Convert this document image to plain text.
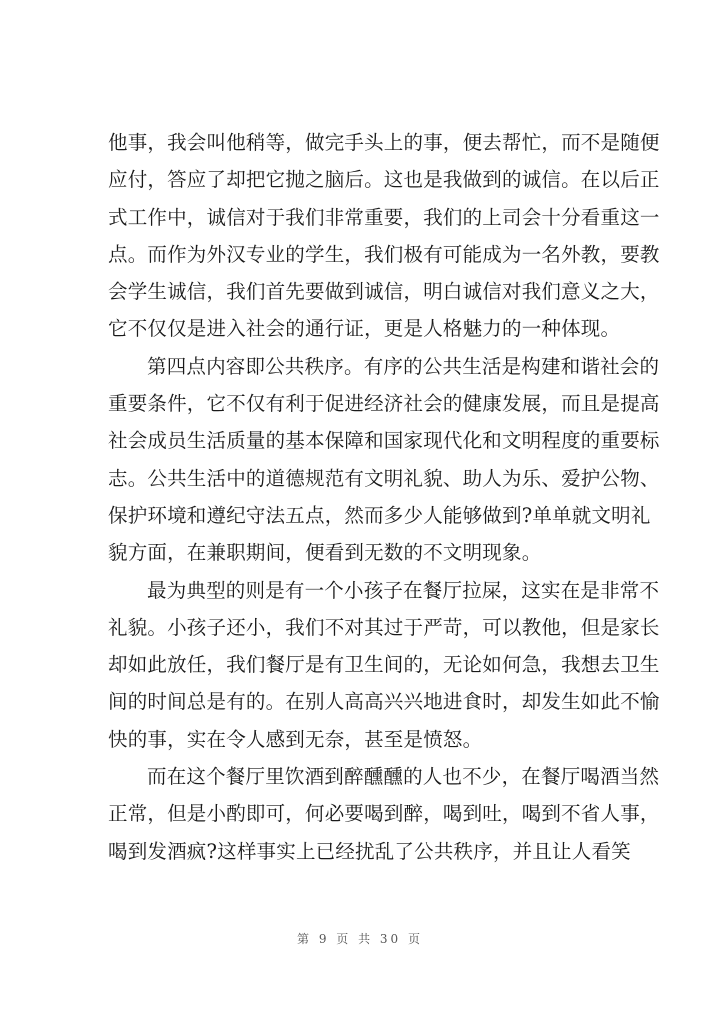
他事，我会叫他稍等，做完手头上的事，便去帮忙，而不是随便
应付，答应了却把它抛之脑后。这也是我做到的诚信。在以后正
式工作中，诚信对于我们非常重要，我们的上司会十分看重这一
点。而作为外汉专业的学生，我们极有可能成为一名外教，要教
会学生诚信，我们首先要做到诚信，明白诚信对我们意义之大，
它不仅仅是进入社会的通行证，更是人格魅力的一种体现。
第四点内容即公共秩序。有序的公共生活是构建和谐社会的
重要条件，它不仅有利于促进经济社会的健康发展，而且是提高
社会成员生活质量的基本保障和国家现代化和文明程度的重要标
志。公共生活中的道德规范有文明礼貌、助人为乐、爱护公物、
保护环境和遵纪守法五点，然而多少人能够做到?单单就文明礼
貌方面，在兼职期间，便看到无数的不文明现象。
最为典型的则是有一个小孩子在餐厅拉屎，这实在是非常不
礼貌。小孩子还小，我们不对其过于严苛，可以教他，但是家长
却如此放任，我们餐厅是有卫生间的，无论如何急，我想去卫生
间的时间总是有的。在别人高高兴兴地进食时，却发生如此不愉
快的事，实在令人感到无奈，甚至是愤怒。
而在这个餐厅里饮酒到醉醺醺的人也不少，在餐厅喝酒当然
正常，但是小酌即可，何必要喝到醉，喝到吐，喝到不省人事，
喝到发酒疯?这样事实上已经扰乱了公共秩序，并且让人看笑
第 9 页 共 30 页
